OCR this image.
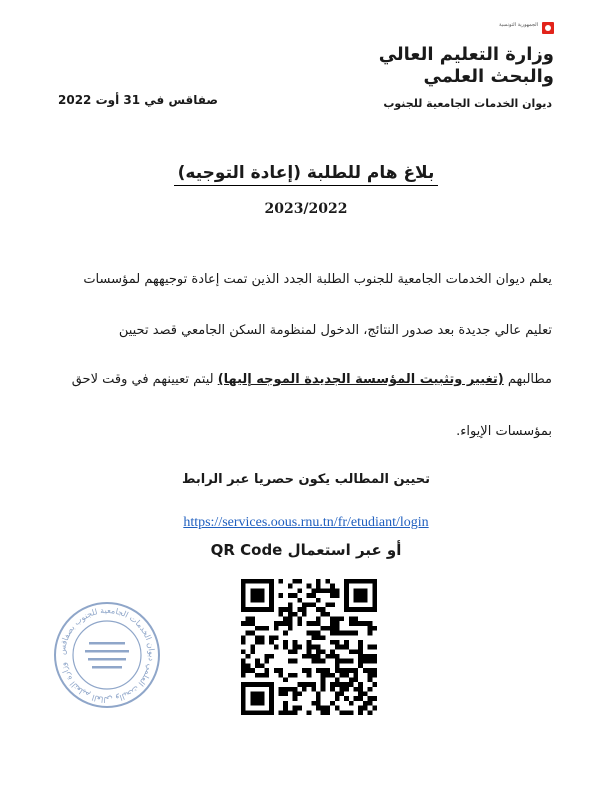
الجمهورية التونسية
وزارة التعليم العالي
والبحث العلمي
ديوان الخدمات الجامعية للجنوب
صفاقس في 31 أوت 2022
بلاغ هام للطلبة (إعادة التوجيه)
2023/2022
يعلم ديوان الخدمات الجامعية للجنوب الطلبة الجدد الذين تمت إعادة توجيههم لمؤسسات
تعليم عالي جديدة بعد صدور النتائج، الدخول لمنظومة السكن الجامعي قصد تحيين
مطالبهم (تغيير وتثبيت المؤسسة الجديدة الموجه إليها) ليتم تعيينهم في وقت لاحق
بمؤسسات الإيواء.
تحيين المطالب يكون حصريا عبر الرابط
https://services.oous.rnu.tn/fr/etudiant/login
أو عبر استعمال QR Code
وزارة التعليم العالي والبحث العلمي ديوان الخدمات الجامعية للجنوب بصفاقس
